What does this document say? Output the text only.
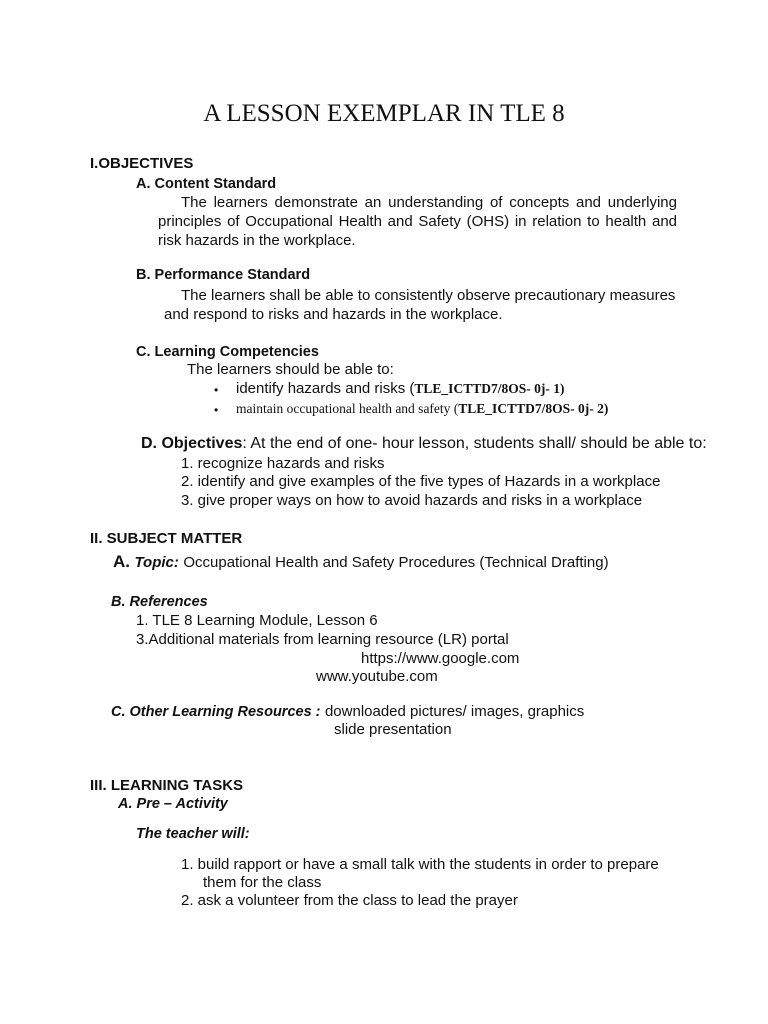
A LESSON EXEMPLAR IN TLE 8
I.OBJECTIVES
A. Content Standard
The learners demonstrate an understanding of concepts and underlying
principles of Occupational Health and Safety (OHS) in relation to health and
risk hazards in the workplace.
B. Performance Standard
The learners shall be able to consistently observe precautionary measures
and respond to risks and hazards in the workplace.
C. Learning Competencies
The learners should be able to:
• identify hazards and risks (TLE_ICTTD7/8OS- 0j- 1)
• maintain occupational health and safety (TLE_ICTTD7/8OS- 0j- 2)
D. Objectives: At the end of one- hour lesson, students shall/ should be able to:
1. recognize hazards and risks
2. identify and give examples of the five types of Hazards in a workplace
3. give proper ways on how to avoid hazards and risks in a workplace
II. SUBJECT MATTER
A. Topic: Occupational Health and Safety Procedures (Technical Drafting)
B. References
1. TLE 8 Learning Module, Lesson 6
3.Additional materials from learning resource (LR) portal
https://www.google.com
www.youtube.com
C. Other Learning Resources : downloaded pictures/ images, graphics
slide presentation
III. LEARNING TASKS
A. Pre – Activity
The teacher will:
1. build rapport or have a small talk with the students in order to prepare
them for the class
2. ask a volunteer from the class to lead the prayer
